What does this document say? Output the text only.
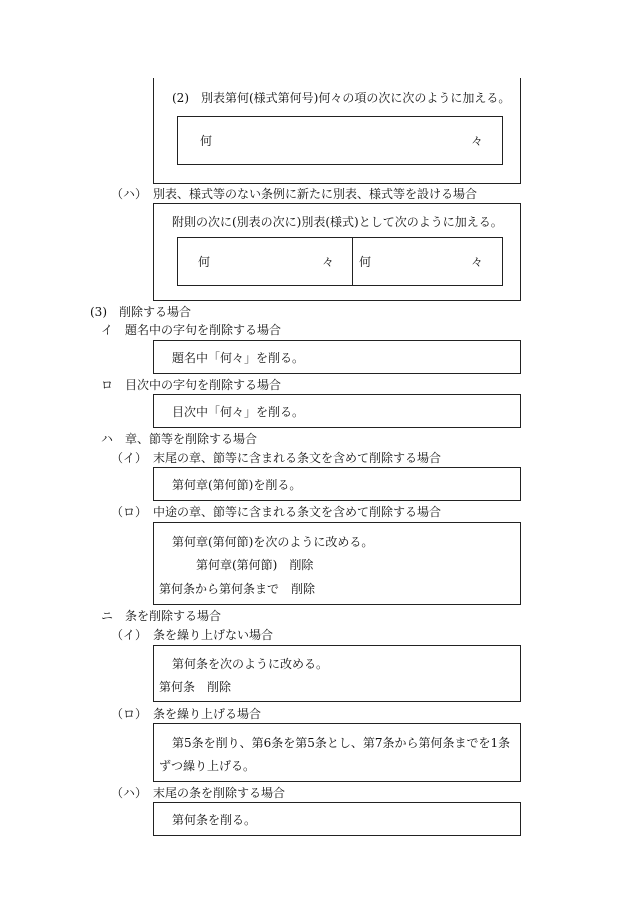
(2)　別表第何(様式第何号)何々の項の次に次のように加える。
何	々
（ハ）　別表、様式等のない条例に新たに別表、様式等を設ける場合
附則の次に(別表の次に)別表(様式)として次のように加える。
何	々 何	々
(3)　削除する場合
イ　題名中の字句を削除する場合
題名中「何々」を削る。
ロ　目次中の字句を削除する場合
目次中「何々」を削る。
ハ　章、節等を削除する場合
（イ）　末尾の章、節等に含まれる条文を含めて削除する場合
第何章(第何節)を削る。
（ロ）　中途の章、節等に含まれる条文を含めて削除する場合
第何章(第何節)を次のように改める。
第何章(第何節)　削除
第何条から第何条まで　削除
ニ　条を削除する場合
（イ）　条を繰り上げない場合
第何条を次のように改める。
第何条　削除
（ロ）　条を繰り上げる場合
第5条を削り、第6条を第5条とし、第7条から第何条までを1条
ずつ繰り上げる。
（ハ）　末尾の条を削除する場合
第何条を削る。
